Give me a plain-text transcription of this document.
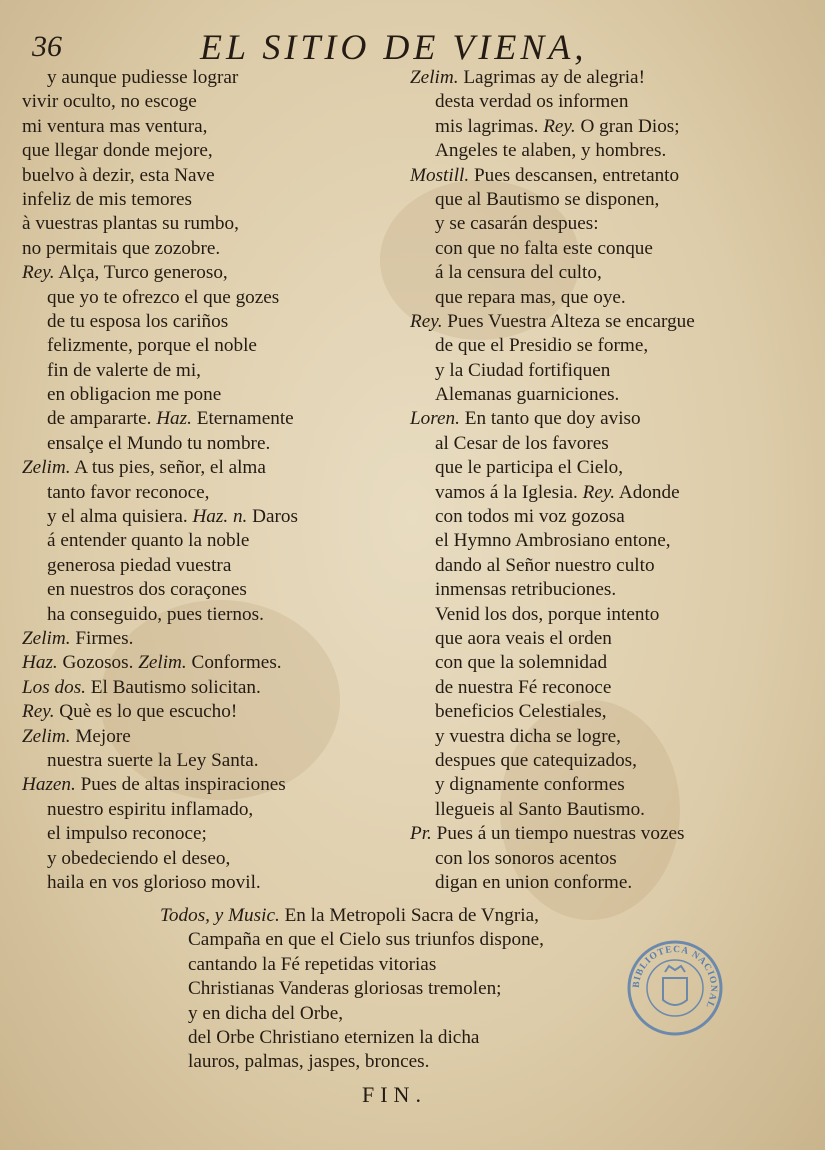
36	EL SITIO DE VIENA,
y aunque pudiesse lograr
vivir oculto, no escoge
mi ventura mas ventura,
que llegar donde mejore,
buelvo à dezir, esta Nave
infeliz de mis temores
à vuestras plantas su rumbo,
no permitais que zozobre.
Rey. Alça, Turco generoso,
que yo te ofrezco el que gozes
de tu esposa los cariños
felizmente, porque el noble
fin de valerte de mi,
en obligacion me pone
de ampararte. Haz. Eternamente
ensalçe el Mundo tu nombre.
Zelim. A tus pies, señor, el alma
tanto favor reconoce,
y el alma quisiera. Haz. n. Daros
á entender quanto la noble
generosa piedad vuestra
en nuestros dos coraçones
ha conseguido, pues tiernos.
Zelim. Firmes.
Haz. Gozosos. Zelim. Conformes.
Los dos. El Bautismo solicitan.
Rey. Què es lo que escucho!
Zelim. Mejore
nuestra suerte la Ley Santa.
Hazen. Pues de altas inspiraciones
nuestro espiritu inflamado,
el impulso reconoce;
y obedeciendo el deseo,
haila en vos glorioso movil.
Zelim. Lagrimas ay de alegria!
desta verdad os informen
mis lagrimas. Rey. O gran Dios;
Angeles te alaben, y hombres.
Mostill. Pues descansen, entretanto
que al Bautismo se disponen,
y se casarán despues:
con que no falta este conque
á la censura del culto,
que repara mas, que oye.
Rey. Pues Vuestra Alteza se encargue
de que el Presidio se forme,
y la Ciudad fortifiquen
Alemanas guarniciones.
Loren. En tanto que doy aviso
al Cesar de los favores
que le participa el Cielo,
vamos á la Iglesia. Rey. Adonde
con todos mi voz gozosa
el Hymno Ambrosiano entone,
dando al Señor nuestro culto
inmensas retribuciones.
Venid los dos, porque intento
que aora veais el orden
con que la solemnidad
de nuestra Fé reconoce
beneficios Celestiales,
y vuestra dicha se logre,
despues que catequizados,
y dignamente conformes
llegueis al Santo Bautismo.
Pr. Pues á un tiempo nuestras vozes
con los sonoros acentos
digan en union conforme.
Todos, y Music. En la Metropoli Sacra de Vngria,
Campaña en que el Cielo sus triunfos dispone,
cantando la Fé repetidas vitorias
Christianas Vanderas gloriosas tremolen;
y en dicha del Orbe,
del Orbe Christiano eternizen la dicha
lauros, palmas, jaspes, bronces.
FIN.
BIBLIOTECA NACIONAL
